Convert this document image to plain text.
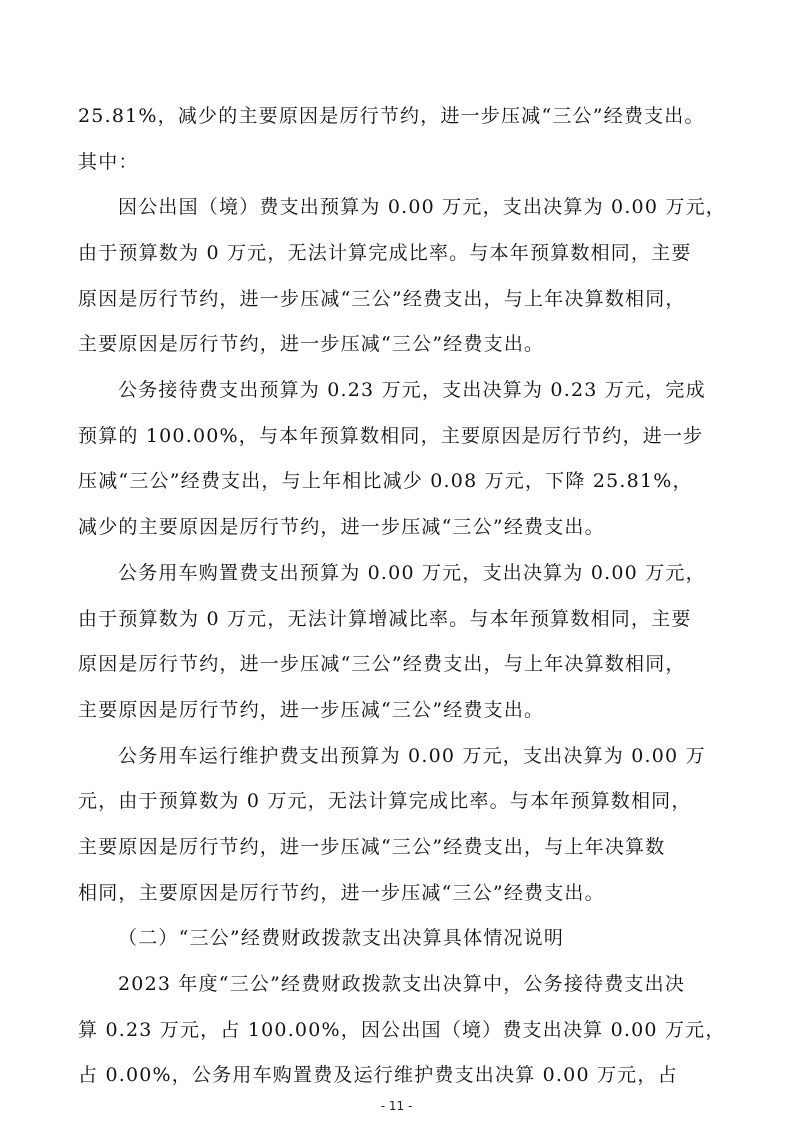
25.81%，减少的主要原因是厉行节约，进一步压减“三公”经费支出。
其中：
因公出国（境）费支出预算为 0.00 万元，支出决算为 0.00 万元，
由于预算数为 0 万元，无法计算完成比率。与本年预算数相同，主要
原因是厉行节约，进一步压减“三公”经费支出，与上年决算数相同，
主要原因是厉行节约，进一步压减“三公”经费支出。
公务接待费支出预算为 0.23 万元，支出决算为 0.23 万元，完成
预算的 100.00%，与本年预算数相同，主要原因是厉行节约，进一步
压减“三公”经费支出，与上年相比减少 0.08 万元，下降 25.81%，
减少的主要原因是厉行节约，进一步压减“三公”经费支出。
公务用车购置费支出预算为 0.00 万元，支出决算为 0.00 万元，
由于预算数为 0 万元，无法计算增减比率。与本年预算数相同，主要
原因是厉行节约，进一步压减“三公”经费支出，与上年决算数相同，
主要原因是厉行节约，进一步压减“三公”经费支出。
公务用车运行维护费支出预算为 0.00 万元，支出决算为 0.00 万
元，由于预算数为 0 万元，无法计算完成比率。与本年预算数相同，
主要原因是厉行节约，进一步压减“三公”经费支出，与上年决算数
相同，主要原因是厉行节约，进一步压减“三公”经费支出。
（二）“三公”经费财政拨款支出决算具体情况说明
2023 年度“三公”经费财政拨款支出决算中，公务接待费支出决
算 0.23 万元，占 100.00%，因公出国（境）费支出决算 0.00 万元，
占 0.00%，公务用车购置费及运行维护费支出决算 0.00 万元，占
- 11 -
